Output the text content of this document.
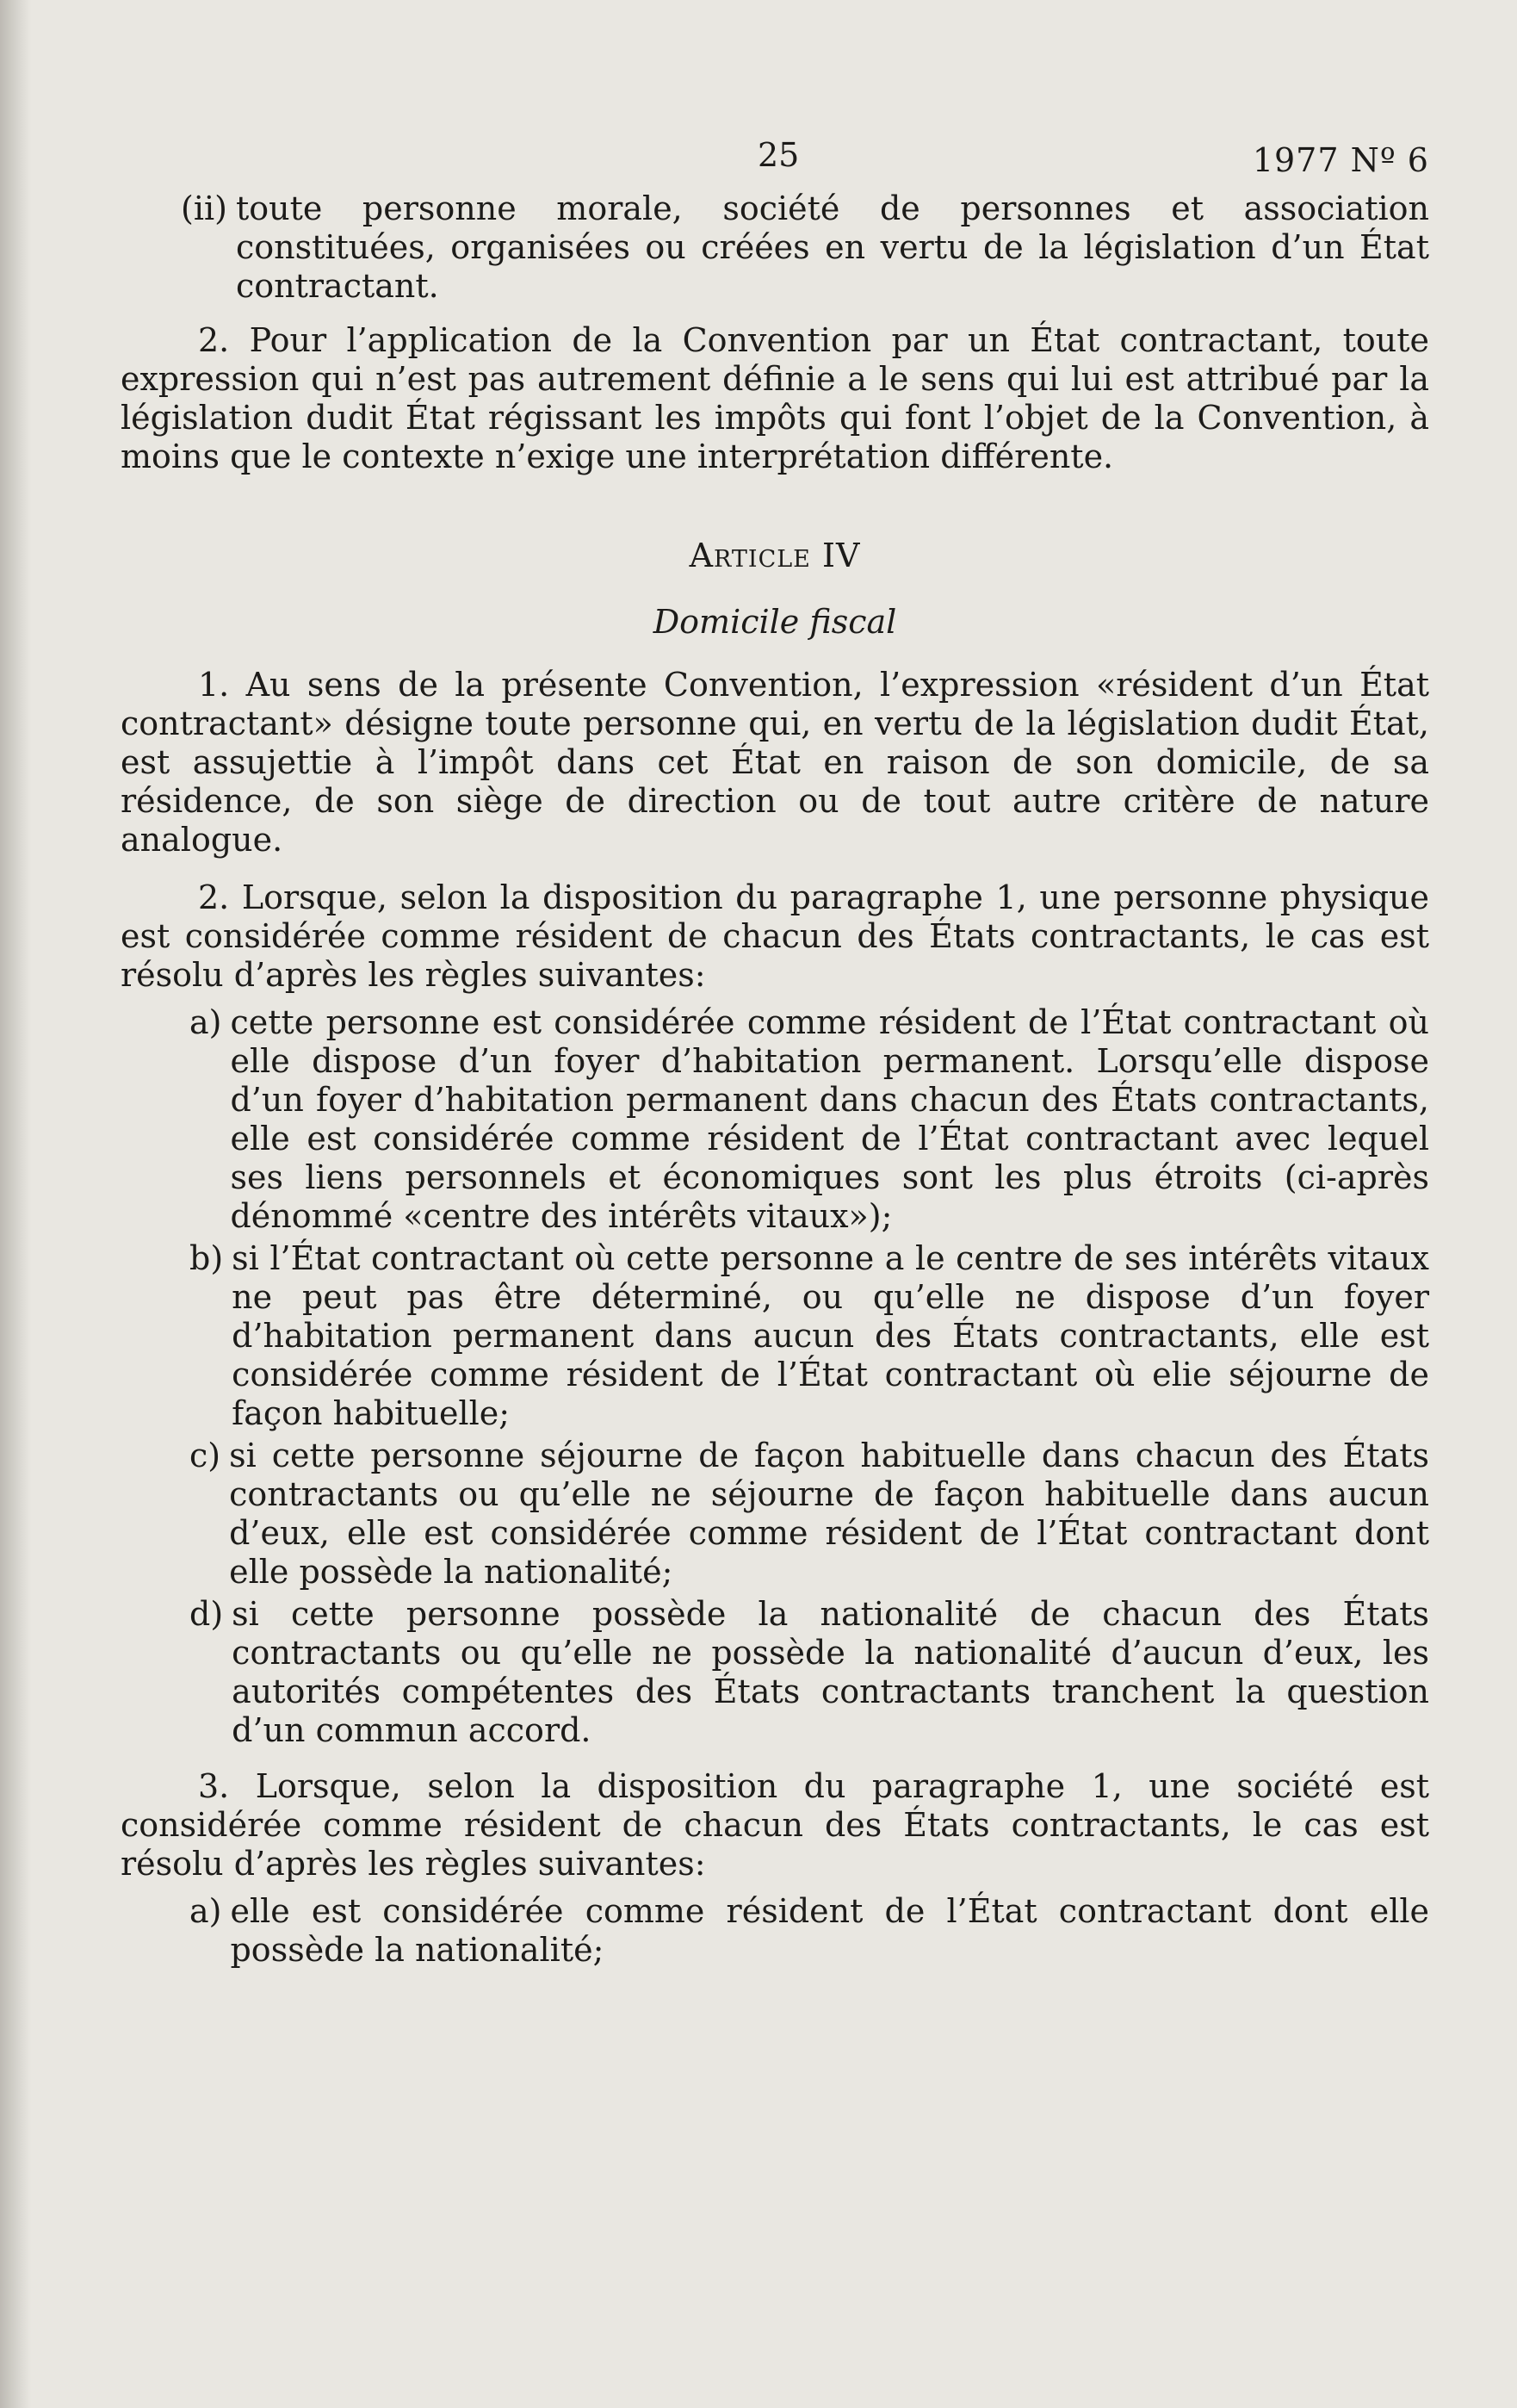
25	1977 Nº 6
(ii) toute personne morale, société de personnes et association constituées, organisées ou créées en vertu de la législation d’un État contractant.

2. Pour l’application de la Convention par un État contractant, toute expression qui n’est pas autrement définie a le sens qui lui est attribué par la législation dudit État régissant les impôts qui font l’objet de la Convention, à moins que le contexte n’exige une interprétation différente.

Article IV

Domicile fiscal

1. Au sens de la présente Convention, l’expression «résident d’un État contractant» désigne toute personne qui, en vertu de la législation dudit État, est assujettie à l’impôt dans cet État en raison de son domicile, de sa résidence, de son siège de direction ou de tout autre critère de nature analogue.

2. Lorsque, selon la disposition du paragraphe 1, une personne physique est considérée comme résident de chacun des États contractants, le cas est résolu d’après les règles suivantes:

a) cette personne est considérée comme résident de l’État contractant où elle dispose d’un foyer d’habitation permanent. Lorsqu’elle dispose d’un foyer d’habitation permanent dans chacun des États contractants, elle est considérée comme résident de l’État contractant avec lequel ses liens personnels et économiques sont les plus étroits (ci-après dénommé «centre des intérêts vitaux»);
b) si l’État contractant où cette personne a le centre de ses intérêts vitaux ne peut pas être déterminé, ou qu’elle ne dispose d’un foyer d’habitation permanent dans aucun des États contractants, elle est considérée comme résident de l’État contractant où elie séjourne de façon habituelle;
c) si cette personne séjourne de façon habituelle dans chacun des États contractants ou qu’elle ne séjourne de façon habituelle dans aucun d’eux, elle est considérée comme résident de l’État contractant dont elle possède la nationalité;
d) si cette personne possède la nationalité de chacun des États contractants ou qu’elle ne possède la nationalité d’aucun d’eux, les autorités compétentes des États contractants tranchent la question d’un commun accord.

3. Lorsque, selon la disposition du paragraphe 1, une société est considérée comme résident de chacun des États contractants, le cas est résolu d’après les règles suivantes:

a) elle est considérée comme résident de l’État contractant dont elle possède la nationalité;
